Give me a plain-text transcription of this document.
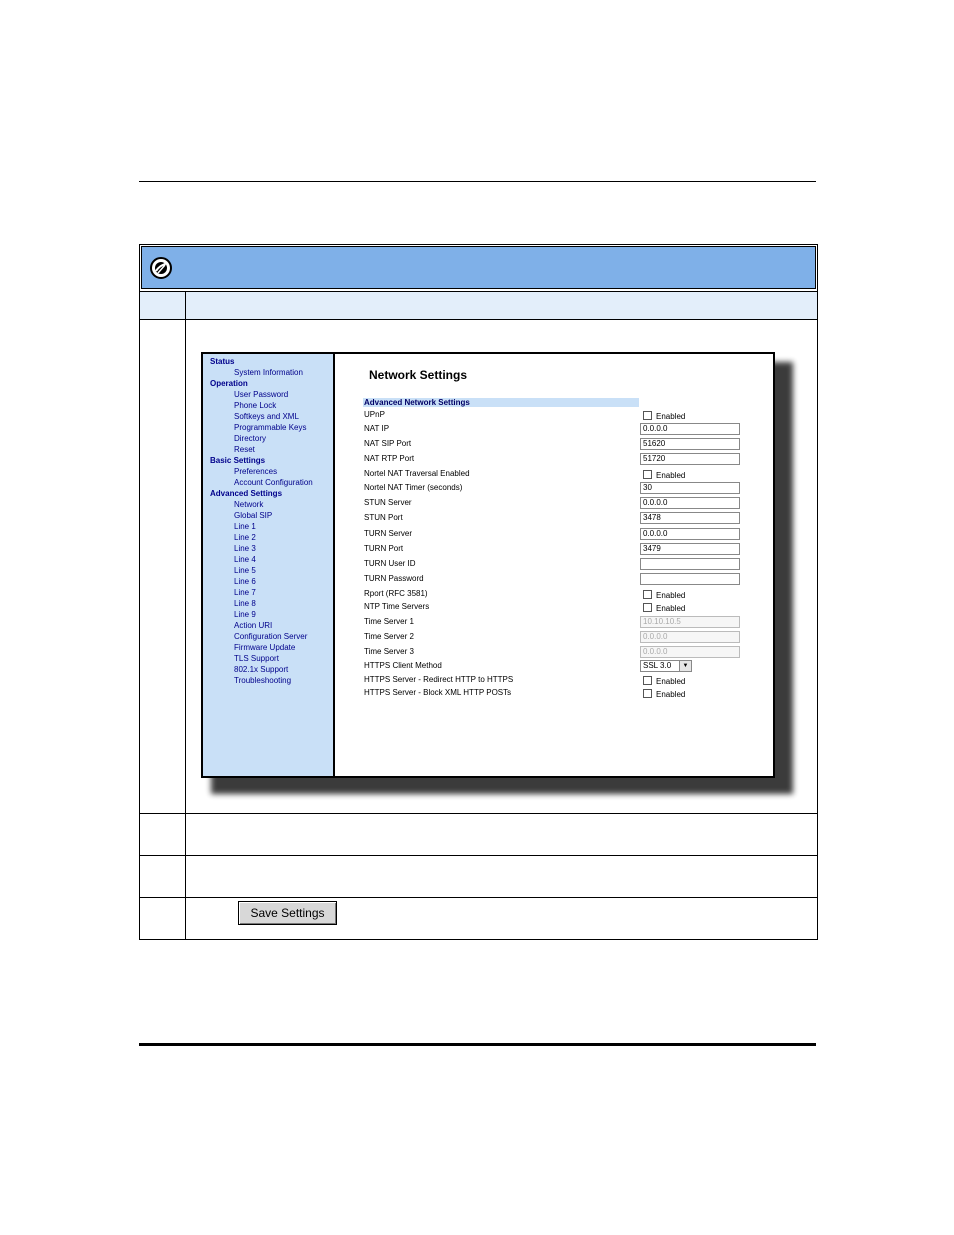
Status
System Information
Operation
User Password
Phone Lock
Softkeys and XML
Programmable Keys
Directory
Reset
Basic Settings
Preferences
Account Configuration
Advanced Settings
Network
Global SIP
Line 1
Line 2
Line 3
Line 4
Line 5
Line 6
Line 7
Line 8
Line 9
Action URI
Configuration Server
Firmware Update
TLS Support
802.1x Support
Troubleshooting
Network Settings
Advanced Network Settings
UPnP	Enabled
NAT IP	0.0.0.0
NAT SIP Port	51620
NAT RTP Port	51720
Nortel NAT Traversal Enabled	Enabled
Nortel NAT Timer (seconds)	30
STUN Server	0.0.0.0
STUN Port	3478
TURN Server	0.0.0.0
TURN Port	3479
TURN User ID
TURN Password
Rport (RFC 3581)	Enabled
NTP Time Servers	Enabled
Time Server 1	10.10.10.5
Time Server 2	0.0.0.0
Time Server 3	0.0.0.0
HTTPS Client Method	SSL 3.0	▼
HTTPS Server - Redirect HTTP to HTTPS	Enabled
HTTPS Server - Block XML HTTP POSTs	Enabled
Save Settings
